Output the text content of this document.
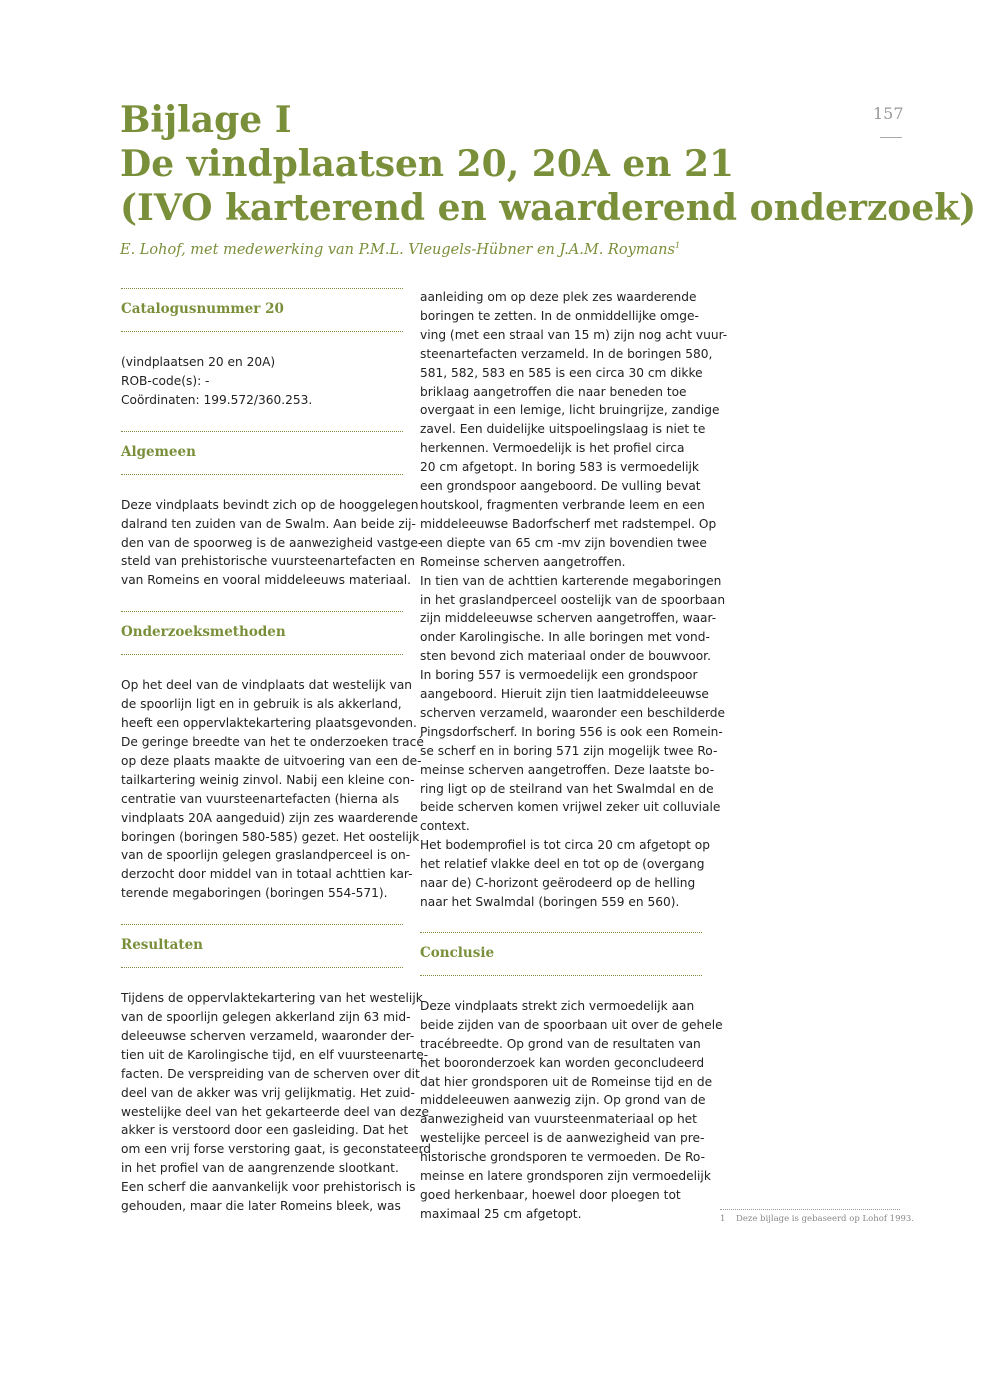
Bijlage I
De vindplaatsen 20, 20A en 21
(IVO karterend en waarderend onderzoek)
157
E. Lohof, met medewerking van P.M.L. Vleugels-Hübner en J.A.M. Roymans$^1$
Catalogusnummer 20

(vindplaatsen 20 en 20A)

ROB-code(s): -

Coördinaten: 199.572/360.253.

Algemeen

Deze vindplaats bevindt zich op de hooggelegen

dalrand ten zuiden van de Swalm. Aan beide zij-

den van de spoorweg is de aanwezigheid vastge-

steld van prehistorische vuursteenartefacten en

van Romeins en vooral middeleeuws materiaal.

Onderzoeksmethoden

Op het deel van de vindplaats dat westelijk van

de spoorlijn ligt en in gebruik is als akkerland,

heeft een oppervlaktekartering plaatsgevonden.

De geringe breedte van het te onderzoeken tracé

op deze plaats maakte de uitvoering van een de-

tailkartering weinig zinvol. Nabij een kleine con-

centratie van vuursteenartefacten (hierna als

vindplaats 20A aangeduid) zijn zes waarderende

boringen (boringen 580-585) gezet. Het oostelijk

van de spoorlijn gelegen graslandperceel is on-

derzocht door middel van in totaal achttien kar-

terende megaboringen (boringen 554-571).

Resultaten

Tijdens de oppervlaktekartering van het westelijk

van de spoorlijn gelegen akkerland zijn 63 mid-

deleeuwse scherven verzameld, waaronder der-

tien uit de Karolingische tijd, en elf vuursteenarte-

facten. De verspreiding van de scherven over dit

deel van de akker was vrij gelijkmatig. Het zuid-

westelijke deel van het gekarteerde deel van deze

akker is verstoord door een gasleiding. Dat het

om een vrij forse verstoring gaat, is geconstateerd

in het profiel van de aangrenzende slootkant.

Een scherf die aanvankelijk voor prehistorisch is

gehouden, maar die later Romeins bleek, was

aanleiding om op deze plek zes waarderende

boringen te zetten. In de onmiddellijke omge-

ving (met een straal van 15 m) zijn nog acht vuur-

steenartefacten verzameld. In de boringen 580,

581, 582, 583 en 585 is een circa 30 cm dikke

briklaag aangetroffen die naar beneden toe

overgaat in een lemige, licht bruingrijze, zandige

zavel. Een duidelijke uitspoelingslaag is niet te

herkennen. Vermoedelijk is het profiel circa

20 cm afgetopt. In boring 583 is vermoedelijk

een grondspoor aangeboord. De vulling bevat

houtskool, fragmenten verbrande leem en een

middeleeuwse Badorfscherf met radstempel. Op

een diepte van 65 cm -mv zijn bovendien twee

Romeinse scherven aangetroffen.

In tien van de achttien karterende megaboringen

in het graslandperceel oostelijk van de spoorbaan

zijn middeleeuwse scherven aangetroffen, waar-

onder Karolingische. In alle boringen met vond-

sten bevond zich materiaal onder de bouwvoor.

In boring 557 is vermoedelijk een grondspoor

aangeboord. Hieruit zijn tien laatmiddeleeuwse

scherven verzameld, waaronder een beschilderde

Pingsdorfscherf. In boring 556 is ook een Romein-

se scherf en in boring 571 zijn mogelijk twee Ro-

meinse scherven aangetroffen. Deze laatste bo-

ring ligt op de steilrand van het Swalmdal en de

beide scherven komen vrijwel zeker uit colluviale

context.

Het bodemprofiel is tot circa 20 cm afgetopt op

het relatief vlakke deel en tot op de (overgang

naar de) C-horizont geërodeerd op de helling

naar het Swalmdal (boringen 559 en 560).

Conclusie

Deze vindplaats strekt zich vermoedelijk aan

beide zijden van de spoorbaan uit over de gehele

tracébreedte. Op grond van de resultaten van

het booronderzoek kan worden geconcludeerd

dat hier grondsporen uit de Romeinse tijd en de

middeleeuwen aanwezig zijn. Op grond van de

aanwezigheid van vuursteenmateriaal op het

westelijke perceel is de aanwezigheid van pre-

historische grondsporen te vermoeden. De Ro-

meinse en latere grondsporen zijn vermoedelijk

goed herkenbaar, hoewel door ploegen tot

maximaal 25 cm afgetopt.	1 Deze bijlage is gebaseerd op Lohof 1993.
